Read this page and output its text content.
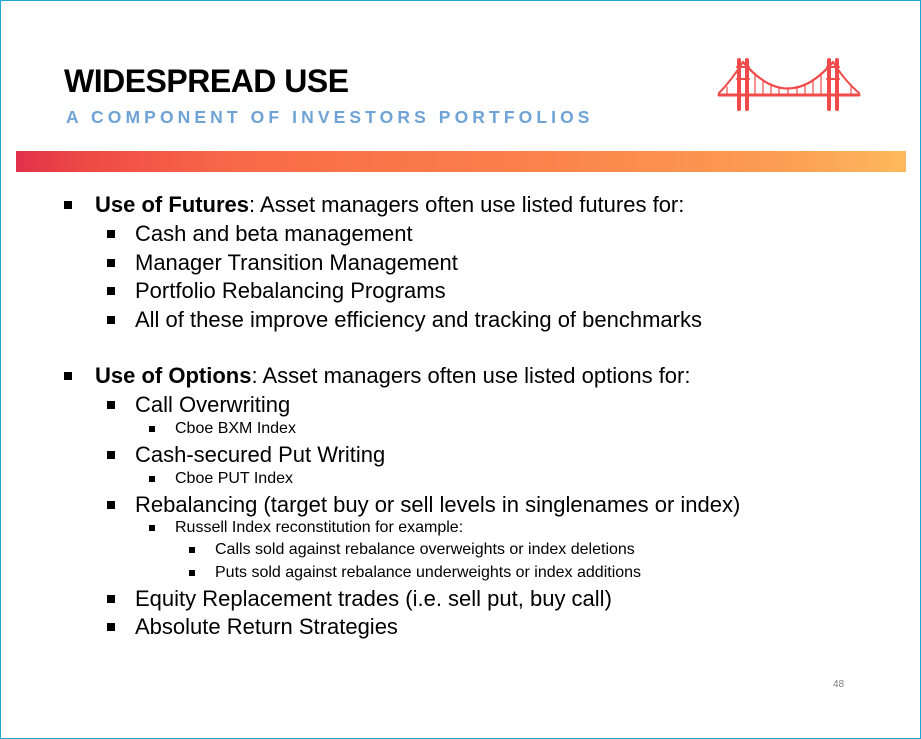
WIDESPREAD USE
A COMPONENT OF INVESTORS PORTFOLIOS
Use of Futures: Asset managers often use listed futures for:
Cash and beta management
Manager Transition Management
Portfolio Rebalancing Programs
All of these improve efficiency and tracking of benchmarks
Use of Options: Asset managers often use listed options for:
Call Overwriting
Cboe BXM Index
Cash-secured Put Writing
Cboe PUT Index
Rebalancing (target buy or sell levels in singlenames or index)
Russell Index reconstitution for example:
Calls sold against rebalance overweights or index deletions
Puts sold against rebalance underweights or index additions
Equity Replacement trades (i.e. sell put, buy call)
Absolute Return Strategies
48
